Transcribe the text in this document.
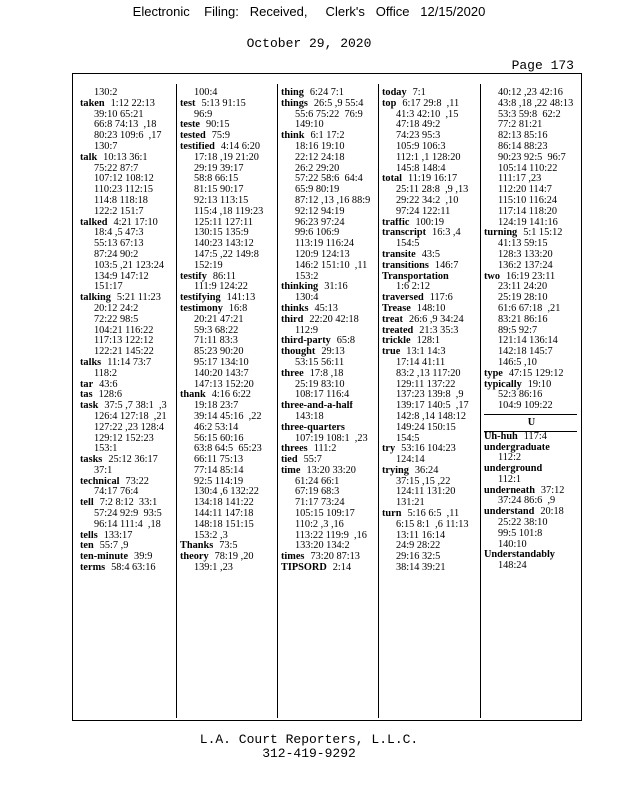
Electronic    Filing:   Received,     Clerk's   Office   12/15/2020
October 29, 2020
Page 173
130:2
taken 1:12 22:13
39:10 65:21
66:8 74:13  ,18
80:23 109:6  ,17
130:7
talk 10:13 36:1
75:22 87:7
107:12 108:12
110:23 112:15
114:8 118:18
122:2 151:7
talked 4:21 17:10
18:4 ,5 47:3
55:13 67:13
87:24 90:2
103:5 ,21 123:24
134:9 147:12
151:17
talking 5:21 11:23
20:12 24:2
72:22 98:5
104:21 116:22
117:13 122:12
122:21 145:22
talks 11:14 73:7
118:2
tar 43:6
tas 128:6
task 37:5 ,7 38:1  ,3
126:4 127:18  ,21
127:22 ,23 128:4
129:12 152:23
153:1
tasks 25:12 36:17
37:1
technical 73:22
74:17 76:4
tell 7:2 8:12  33:1
57:24 92:9  93:5
96:14 111:4  ,18
tells 133:17
ten 55:7 ,9
ten-minute 39:9
terms 58:4 63:16
100:4
test 5:13 91:15
96:9
teste 90:15
tested 75:9
testified 4:14 6:20
17:18 ,19 21:20
29:19 39:17
58:8 66:15
81:15 90:17
92:13 113:15
115:4 ,18 119:23
125:11 127:11
130:15 135:9
140:23 143:12
147:5 ,22 149:8
152:19
testify 86:11
111:9 124:22
testifying 141:13
testimony 16:8
20:21 47:21
59:3 68:22
71:11 83:3
85:23 90:20
95:17 134:10
140:20 143:7
147:13 152:20
thank 4:16 6:22
19:18 23:7
39:14 45:16  ,22
46:2 53:14
56:15 60:16
63:8 64:5  65:23
66:11 75:13
77:14 85:14
92:5 114:19
130:4 ,6 132:22
134:18 141:22
144:11 147:18
148:18 151:15
153:2 ,3
Thanks 73:5
theory 78:19 ,20
139:1 ,23
thing 6:24 7:1
things 26:5 ,9 55:4
55:6 75:22  76:9
149:10
think 6:1 17:2
18:16 19:10
22:12 24:18
26:2 29:20
57:22 58:6  64:4
65:9 80:19
87:12 ,13 ,16 88:9
92:12 94:19
96:23 97:24
99:6 106:9
113:19 116:24
120:9 124:13
146:2 151:10  ,11
153:2
thinking 31:16
130:4
thinks 45:13
third 22:20 42:18
112:9
third-party 65:8
thought 29:13
53:15 56:11
three 17:8 ,18
25:19 83:10
108:17 116:4
three-and-a-half
143:18
three-quarters
107:19 108:1  ,23
threes 111:2
tied 55:7
time 13:20 33:20
61:24 66:1
67:19 68:3
71:17 73:24
105:15 109:17
110:2 ,3 ,16
113:22 119:9  ,16
133:20 134:2
times 73:20 87:13
TIPSORD 2:14
today 7:1
top 6:17 29:8  ,11
41:3 42:10  ,15
47:18 49:2
74:23 95:3
105:9 106:3
112:1 ,1 128:20
145:8 148:4
total 11:19 16:17
25:11 28:8  ,9 ,13
29:22 34:2  ,10
97:24 122:11
traffic 100:19
transcript 16:3 ,4
154:5
transite 43:5
transitions 146:7
Transportation
1:6 2:12
traversed 117:6
Trease 148:10
treat 26:6 ,9 34:24
treated 21:3 35:3
trickle 128:1
true 13:1 14:3
17:14 41:11
83:2 ,13 117:20
129:11 137:22
137:23 139:8  ,9
139:17 140:5  ,17
142:8 ,14 148:12
149:24 150:15
154:5
try 53:16 104:23
124:14
trying 36:24
37:15 ,15 ,22
124:11 131:20
131:21
turn 5:16 6:5  ,11
6:15 8:1  ,6 11:13
13:11 16:14
24:9 28:22
29:16 32:5
38:14 39:21
40:12 ,23 42:16
43:8 ,18 ,22 48:13
53:3 59:8  62:2
77:2 81:21
82:13 85:16
86:14 88:23
90:23 92:5  96:7
105:14 110:22
111:17 ,23
112:20 114:7
115:10 116:24
117:14 118:20
124:19 141:16
turning 5:1 15:12
41:13 59:15
128:3 133:20
136:2 137:24
two 16:19 23:11
23:11 24:20
25:19 28:10
61:6 67:18  ,21
83:21 86:16
89:5 92:7
121:14 136:14
142:18 145:7
146:5 ,10
type 47:15 129:12
typically 19:10
52:3 86:16
104:9 109:22
U
Uh-huh 117:4
undergraduate
112:2
underground
112:1
underneath 37:12
37:24 86:6  ,9
understand 20:18
25:22 38:10
99:5 101:8
140:10
Understandably
148:24
L.A. Court Reporters, L.L.C.
312-419-9292
